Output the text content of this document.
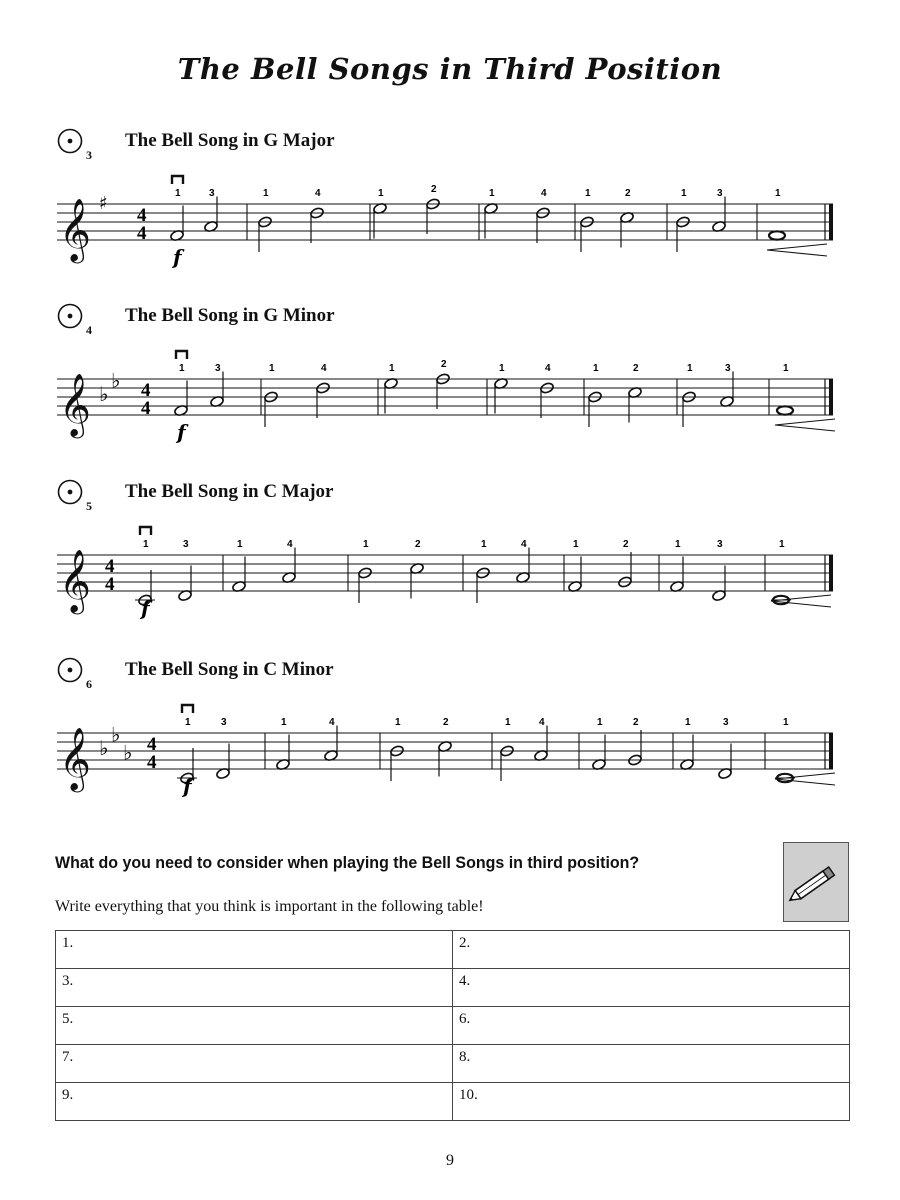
The Bell Songs in Third Position
3
The Bell Song in G Major
𝄞 ♯
4
4
1	3	1	4	1	2	1	4	1	2	1	3	1
f
4
The Bell Song in G Minor
𝄞 ♭
♭ 4
4
1	3	1	4	1	2	1	4	1	2	1	3	1
f
5
The Bell Song in C Major
𝄞 4
4
1	3	1	4	1	2	1	4	1	2	1	3	1
f
6
The Bell Song in C Minor
𝄞 ♭
♭
♭ 4
4
1	3	1	4	1	2	1	4	1	2	1	3	1
f
What do you need to consider when playing the Bell Songs in third position?
Write everything that you think is important in the following table!
1.	2.
3.	4.
5.	6.
7.	8.
9.	10.
9
